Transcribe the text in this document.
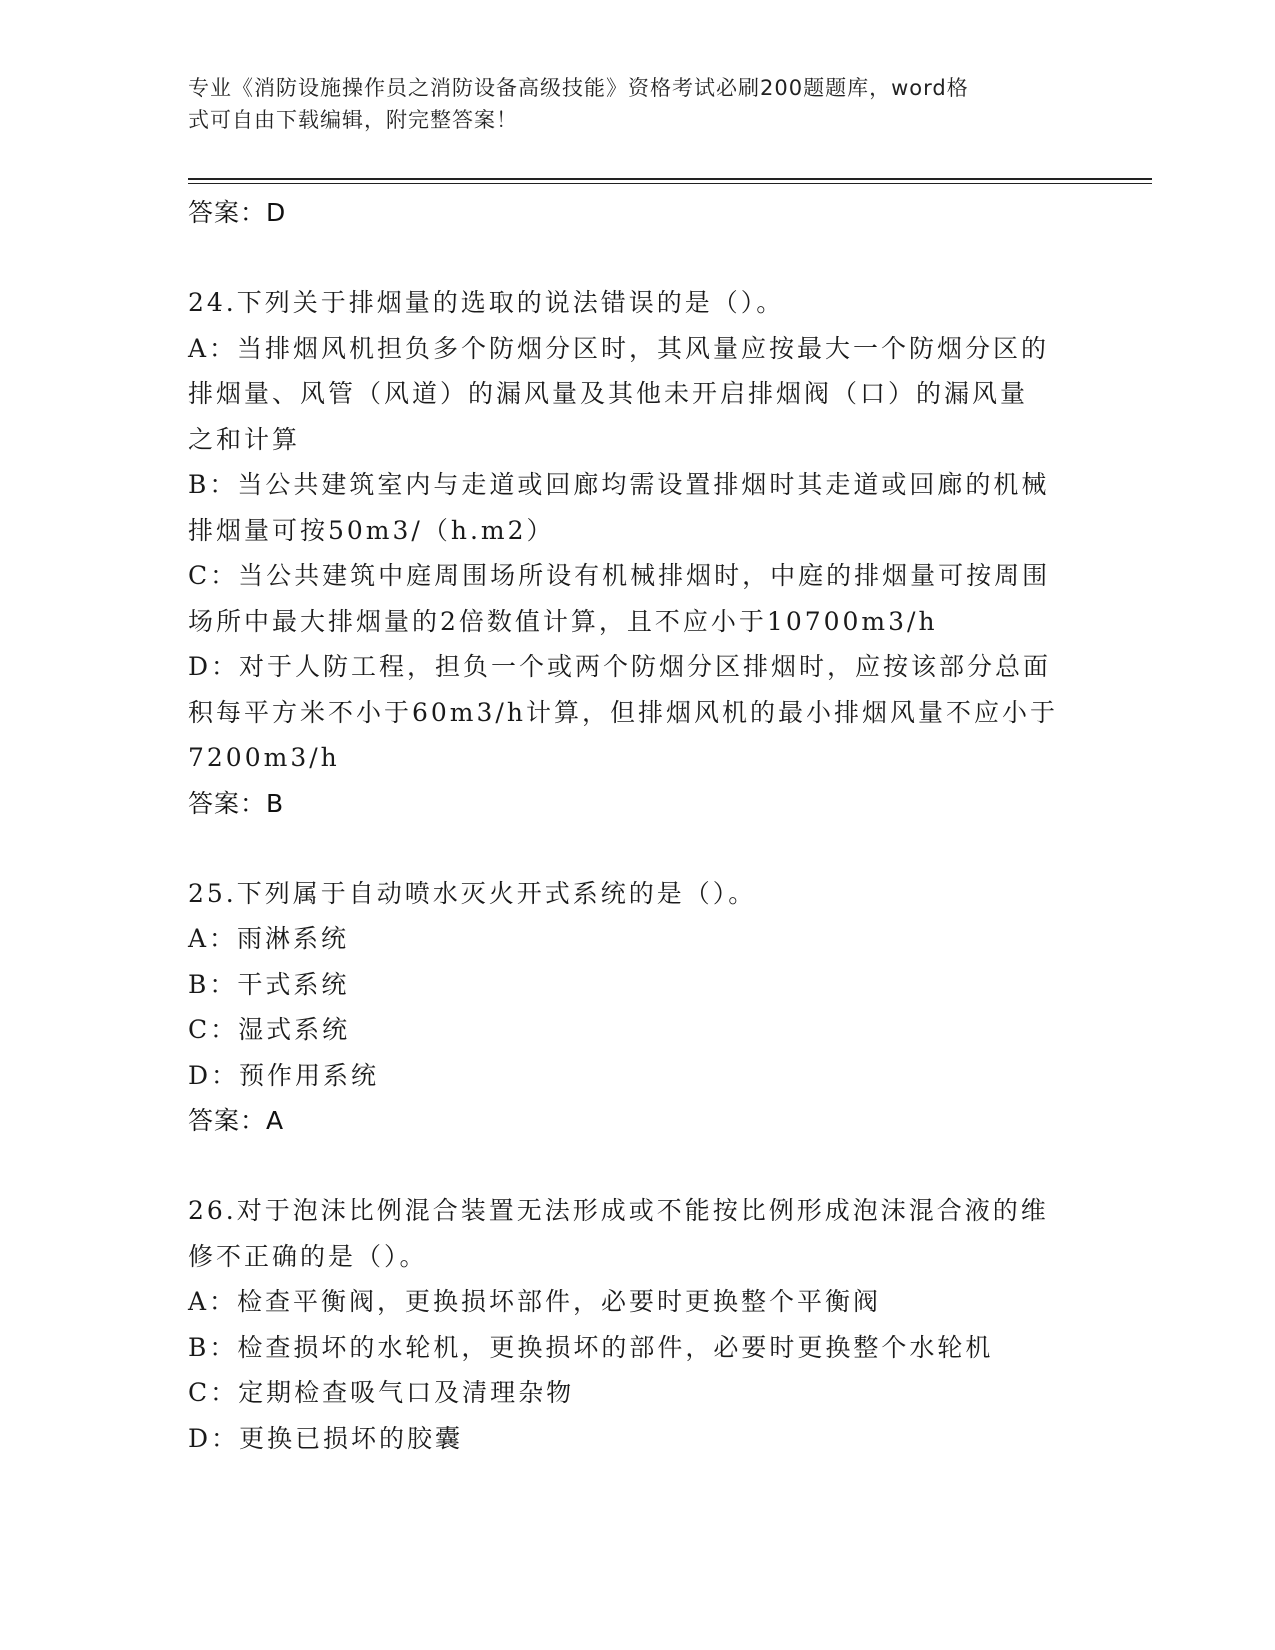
专业《消防设施操作员之消防设备高级技能》资格考试必刷200题题库，word格
式可自由下载编辑，附完整答案！
答案：D
24.下列关于排烟量的选取的说法错误的是（）。
A：当排烟风机担负多个防烟分区时，其风量应按最大一个防烟分区的
排烟量、风管（风道）的漏风量及其他未开启排烟阀（口）的漏风量
之和计算
B：当公共建筑室内与走道或回廊均需设置排烟时其走道或回廊的机械
排烟量可按50m3/（h.m2）
C：当公共建筑中庭周围场所设有机械排烟时，中庭的排烟量可按周围
场所中最大排烟量的2倍数值计算，且不应小于10700m3/h
D：对于人防工程，担负一个或两个防烟分区排烟时，应按该部分总面
积每平方米不小于60m3/h计算，但排烟风机的最小排烟风量不应小于
7200m3/h
答案：B
25.下列属于自动喷水灭火开式系统的是（）。
A：雨淋系统
B：干式系统
C：湿式系统
D：预作用系统
答案：A
26.对于泡沫比例混合装置无法形成或不能按比例形成泡沫混合液的维
修不正确的是（）。
A：检查平衡阀，更换损坏部件，必要时更换整个平衡阀
B：检查损坏的水轮机，更换损坏的部件，必要时更换整个水轮机
C：定期检查吸气口及清理杂物
D：更换已损坏的胶囊
